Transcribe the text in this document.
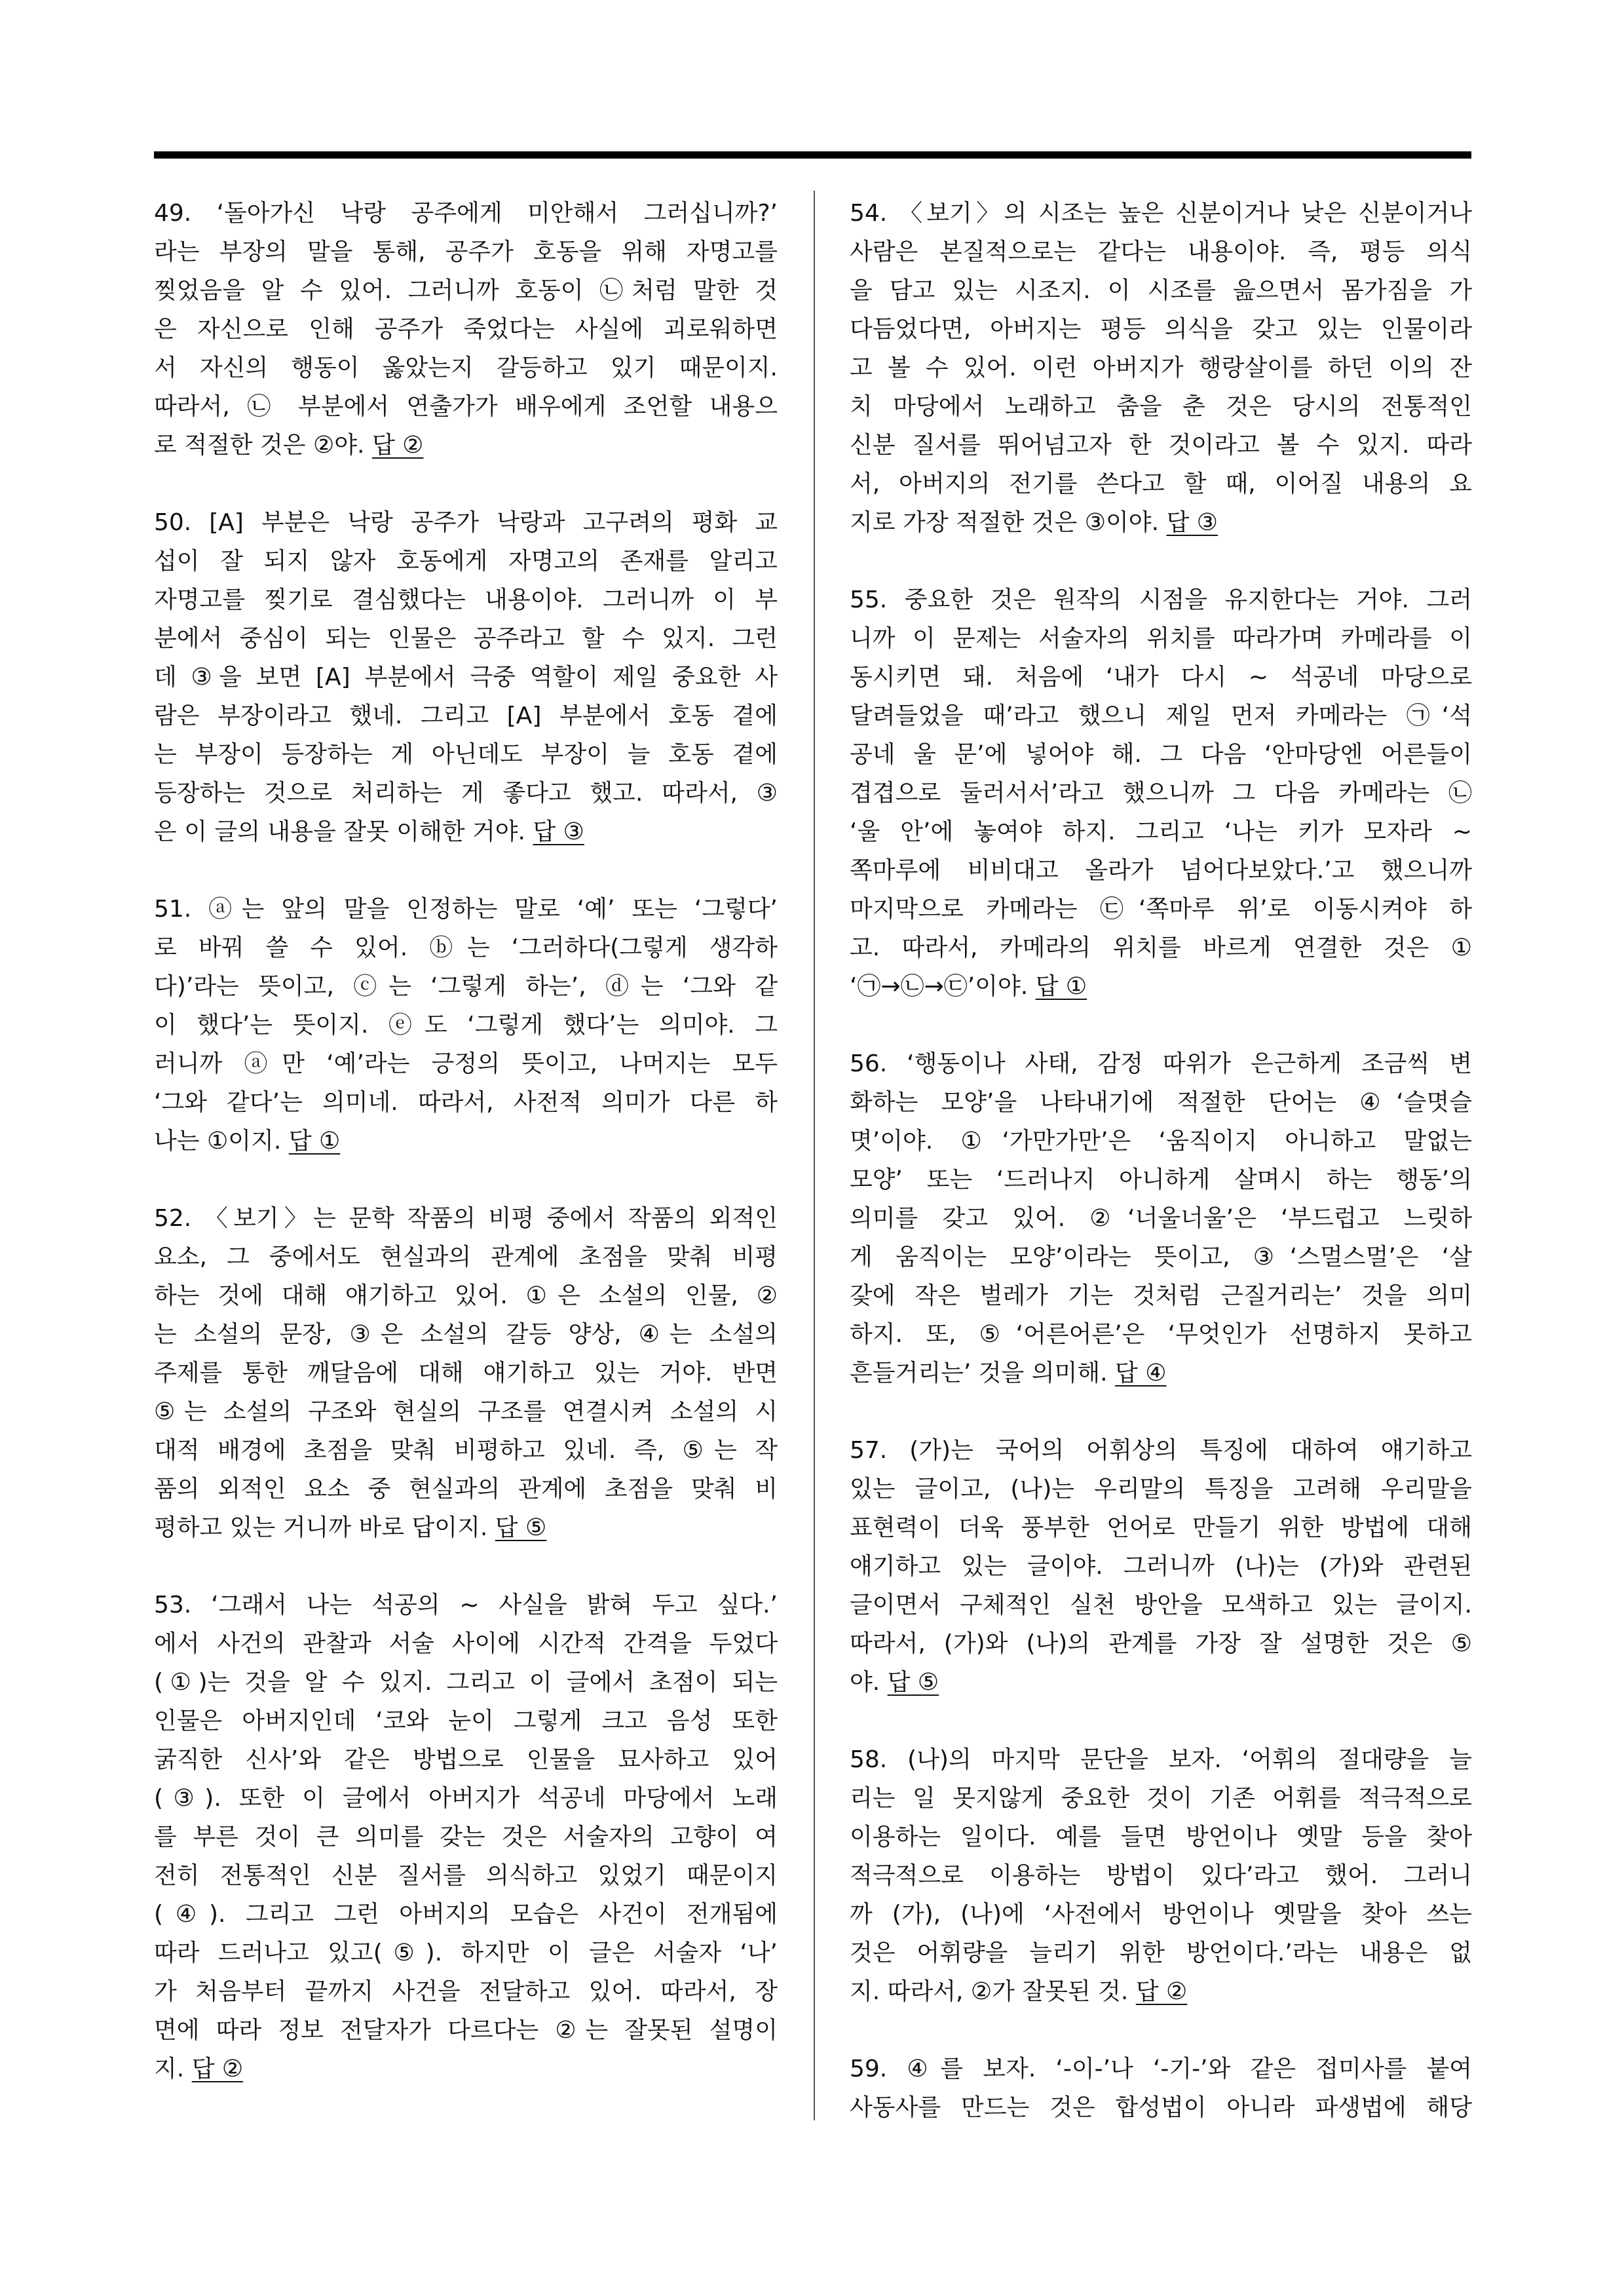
49. ‘돌아가신 낙랑 공주에게 미안해서 그러십니까?’
라는 부장의 말을 통해, 공주가 호동을 위해 자명고를
찢었음을 알 수 있어. 그러니까 호동이 ㉡처럼 말한 것
은 자신으로 인해 공주가 죽었다는 사실에 괴로워하면
서 자신의 행동이 옳았는지 갈등하고 있기 때문이지.
따라서, ㉡ 부분에서 연출가가 배우에게 조언할 내용으
로 적절한 것은 ②야. 답 ②
50. [A] 부분은 낙랑 공주가 낙랑과 고구려의 평화 교
섭이 잘 되지 않자 호동에게 자명고의 존재를 알리고
자명고를 찢기로 결심했다는 내용이야. 그러니까 이 부
분에서 중심이 되는 인물은 공주라고 할 수 있지. 그런
데 ③을 보면 [A] 부분에서 극중 역할이 제일 중요한 사
람은 부장이라고 했네. 그리고 [A] 부분에서 호동 곁에
는 부장이 등장하는 게 아닌데도 부장이 늘 호동 곁에
등장하는 것으로 처리하는 게 좋다고 했고. 따라서, ③
은 이 글의 내용을 잘못 이해한 거야. 답 ③
51. ⓐ는 앞의 말을 인정하는 말로 ‘예’ 또는 ‘그렇다’
로 바꿔 쓸 수 있어. ⓑ는 ‘그러하다(그렇게 생각하
다)’라는 뜻이고, ⓒ는 ‘그렇게 하는’, ⓓ는 ‘그와 같
이 했다’는 뜻이지. ⓔ도 ‘그렇게 했다’는 의미야. 그
러니까 ⓐ만 ‘예’라는 긍정의 뜻이고, 나머지는 모두
‘그와 같다’는 의미네. 따라서, 사전적 의미가 다른 하
나는 ①이지. 답 ①
52. 〈보기〉는 문학 작품의 비평 중에서 작품의 외적인
요소, 그 중에서도 현실과의 관계에 초점을 맞춰 비평
하는 것에 대해 얘기하고 있어. ①은 소설의 인물, ②
는 소설의 문장, ③은 소설의 갈등 양상, ④는 소설의
주제를 통한 깨달음에 대해 얘기하고 있는 거야. 반면
⑤는 소설의 구조와 현실의 구조를 연결시켜 소설의 시
대적 배경에 초점을 맞춰 비평하고 있네. 즉, ⑤는 작
품의 외적인 요소 중 현실과의 관계에 초점을 맞춰 비
평하고 있는 거니까 바로 답이지. 답 ⑤
53. ‘그래서 나는 석공의 ~ 사실을 밝혀 두고 싶다.’
에서 사건의 관찰과 서술 사이에 시간적 간격을 두었다
(①)는 것을 알 수 있지. 그리고 이 글에서 초점이 되는
인물은 아버지인데 ‘코와 눈이 그렇게 크고 음성 또한
굵직한 신사’와 같은 방법으로 인물을 묘사하고 있어
(③). 또한 이 글에서 아버지가 석공네 마당에서 노래
를 부른 것이 큰 의미를 갖는 것은 서술자의 고향이 여
전히 전통적인 신분 질서를 의식하고 있었기 때문이지
(④). 그리고 그런 아버지의 모습은 사건이 전개됨에
따라 드러나고 있고(⑤). 하지만 이 글은 서술자 ‘나’
가 처음부터 끝까지 사건을 전달하고 있어. 따라서, 장
면에 따라 정보 전달자가 다르다는 ②는 잘못된 설명이
지. 답 ②
54. 〈보기〉의 시조는 높은 신분이거나 낮은 신분이거나
사람은 본질적으로는 같다는 내용이야. 즉, 평등 의식
을 담고 있는 시조지. 이 시조를 읊으면서 몸가짐을 가
다듬었다면, 아버지는 평등 의식을 갖고 있는 인물이라
고 볼 수 있어. 이런 아버지가 행랑살이를 하던 이의 잔
치 마당에서 노래하고 춤을 춘 것은 당시의 전통적인
신분 질서를 뛰어넘고자 한 것이라고 볼 수 있지. 따라
서, 아버지의 전기를 쓴다고 할 때, 이어질 내용의 요
지로 가장 적절한 것은 ③이야. 답 ③
55. 중요한 것은 원작의 시점을 유지한다는 거야. 그러
니까 이 문제는 서술자의 위치를 따라가며 카메라를 이
동시키면 돼. 처음에 ‘내가 다시 ~ 석공네 마당으로
달려들었을 때’라고 했으니 제일 먼저 카메라는 ㉠‘석
공네 울 문’에 넣어야 해. 그 다음 ‘안마당엔 어른들이
겹겹으로 둘러서서’라고 했으니까 그 다음 카메라는 ㉡
‘울 안’에 놓여야 하지. 그리고 ‘나는 키가 모자라 ~
쪽마루에 비비대고 올라가 넘어다보았다.’고 했으니까
마지막으로 카메라는 ㉢‘쪽마루 위’로 이동시켜야 하
고. 따라서, 카메라의 위치를 바르게 연결한 것은 ①
‘㉠→㉡→㉢’이야. 답 ①
56. ‘행동이나 사태, 감정 따위가 은근하게 조금씩 변
화하는 모양’을 나타내기에 적절한 단어는 ④‘슬몃슬
몃’이야. ①‘가만가만’은 ‘움직이지 아니하고 말없는
모양’ 또는 ‘드러나지 아니하게 살며시 하는 행동’의
의미를 갖고 있어. ②‘너울너울’은 ‘부드럽고 느릿하
게 움직이는 모양’이라는 뜻이고, ③‘스멀스멀’은 ‘살
갗에 작은 벌레가 기는 것처럼 근질거리는’ 것을 의미
하지. 또, ⑤‘어른어른’은 ‘무엇인가 선명하지 못하고
흔들거리는’ 것을 의미해. 답 ④
57. (가)는 국어의 어휘상의 특징에 대하여 얘기하고
있는 글이고, (나)는 우리말의 특징을 고려해 우리말을
표현력이 더욱 풍부한 언어로 만들기 위한 방법에 대해
얘기하고 있는 글이야. 그러니까 (나)는 (가)와 관련된
글이면서 구체적인 실천 방안을 모색하고 있는 글이지.
따라서, (가)와 (나)의 관계를 가장 잘 설명한 것은 ⑤
야. 답 ⑤
58. (나)의 마지막 문단을 보자. ‘어휘의 절대량을 늘
리는 일 못지않게 중요한 것이 기존 어휘를 적극적으로
이용하는 일이다. 예를 들면 방언이나 옛말 등을 찾아
적극적으로 이용하는 방법이 있다’라고 했어. 그러니
까 (가), (나)에 ‘사전에서 방언이나 옛말을 찾아 쓰는
것은 어휘량을 늘리기 위한 방언이다.’라는 내용은 없
지. 따라서, ②가 잘못된 것. 답 ②
59. ④를 보자. ‘-이-’나 ‘-기-’와 같은 접미사를 붙여
사동사를 만드는 것은 합성법이 아니라 파생법에 해당
